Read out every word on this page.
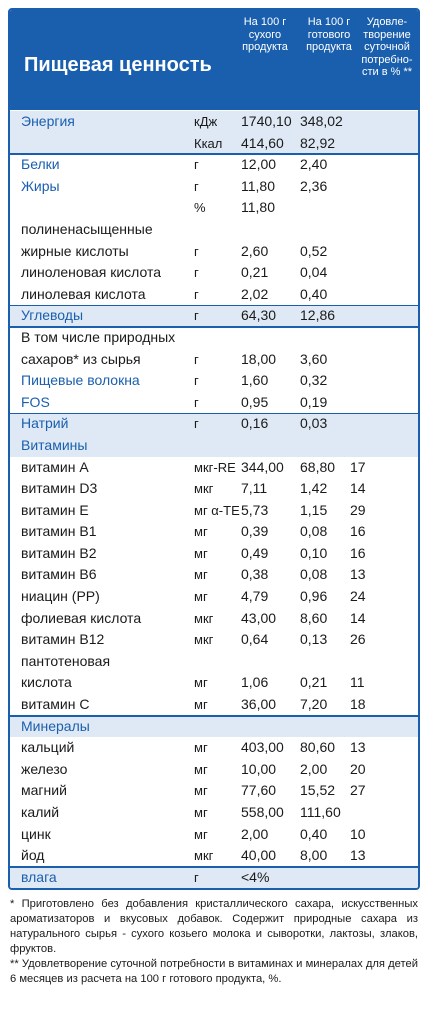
Пищевая ценность
На 100 г сухого продукта
На 100 г готового продукта
Удовле-творение суточной потребно-сти в % **
Энергия	кДж 1740,10 348,02
Ккал 414,60 82,92
Белки	г	12,00 2,40
Жиры	г	11,80 2,36
%	11,80
полиненасыщенные
жирные кислоты	г	2,60 0,52
линоленовая кислота	г	0,21 0,04
линолевая кислота	г	2,02 0,40
Углеводы	г	64,30 12,86
В том числе природных
сахаров* из сырья	г	18,00 3,60
Пищевые волокна	г	1,60 0,32
FOS	г	0,95 0,19
Натрий	г	0,16 0,03
Витамины
витамин A	мкг-RE 344,00 68,80 17
витамин D3	мкг 7,11 1,42 14
витамин E	мг α-TE 5,73 1,15 29
витамин B1	мг 0,39 0,08 16
витамин B2	мг 0,49 0,10 16
витамин B6	мг 0,38 0,08 13
ниацин (PP)	мг 4,79 0,96 24
фолиевая кислота	мкг 43,00 8,60 14
витамин B12	мкг 0,64 0,13 26
пантотеновая
кислота	мг 1,06 0,21 11
витамин C	мг 36,00 7,20 18
Минералы
кальций	мг 403,00 80,60 13
железо	мг 10,00 2,00 20
магний	мг 77,60 15,52 27
калий	мг 558,00 111,60
цинк	мг 2,00 0,40 10
йод	мкг 40,00 8,00 13
влага	г	<4%

* Приготовлено без добавления кристаллического сахара, искусственных ароматизаторов и вкусовых добавок. Содержит природные сахара из натурального сырья - сухого козьего молока и сыворотки, лактозы, злаков, фруктов.

** Удовлетворение суточной потребности в витаминах и минералах для детей 6 месяцев из расчета на 100 г готового продукта, %.
